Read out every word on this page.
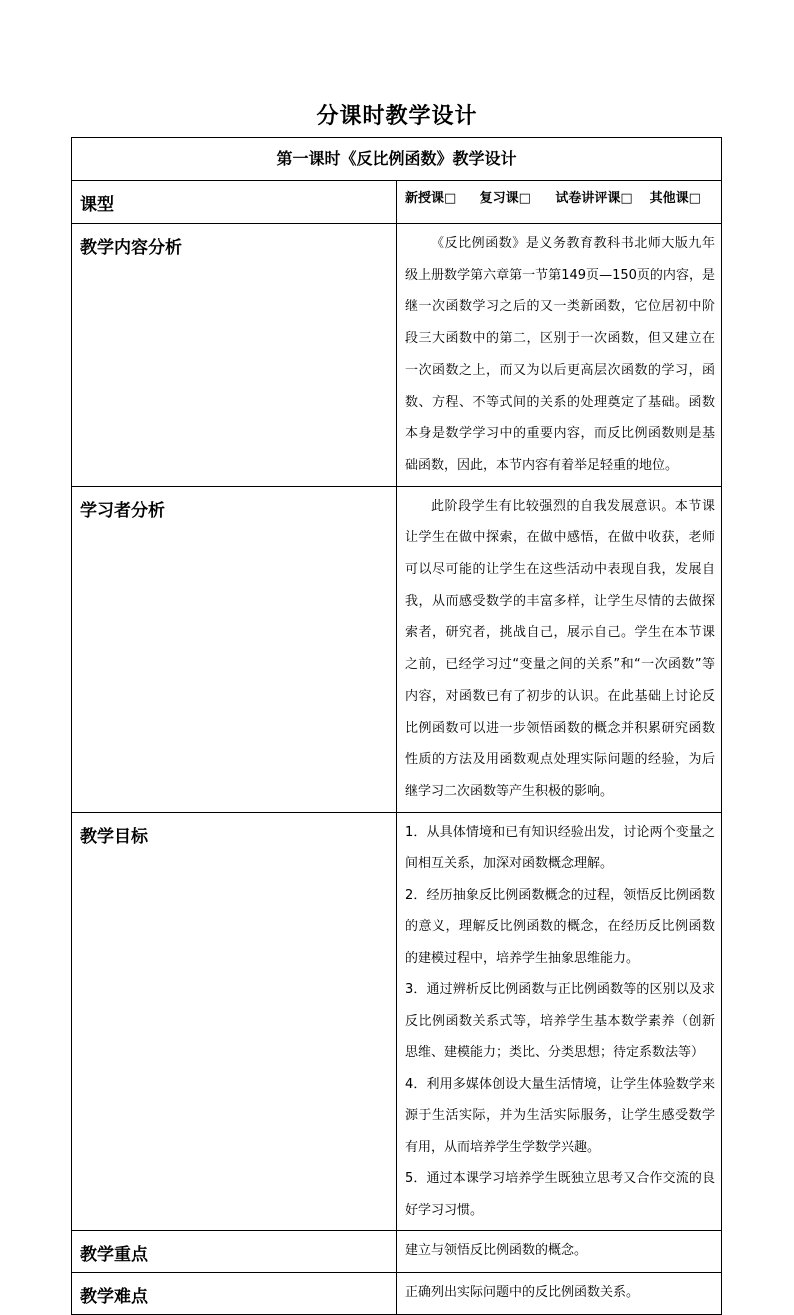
分课时教学设计
第一课时《反比例函数》教学设计	
课型	新授课□ 复习课□ 试卷讲评课□ 其他课□

教学内容分析	《反比例函数》是义务教育教科书北师大版九年级上册数学第六章第一节第149页—150页的内容，是继一次函数学习之后的又一类新函数，它位居初中阶段三大函数中的第二，区别于一次函数，但又建立在一次函数之上，而又为以后更高层次函数的学习，函数、方程、不等式间的关系的处理奠定了基础。函数本身是数学学习中的重要内容，而反比例函数则是基础函数，因此，本节内容有着举足轻重的地位。

学习者分析	此阶段学生有比较强烈的自我发展意识。本节课让学生在做中探索，在做中感悟，在做中收获，老师可以尽可能的让学生在这些活动中表现自我，发展自我，从而感受数学的丰富多样，让学生尽情的去做探索者，研究者，挑战自己，展示自己。学生在本节课之前，已经学习过“变量之间的关系”和“一次函数”等内容，对函数已有了初步的认识。在此基础上讨论反比例函数可以进一步领悟函数的概念并积累研究函数性质的方法及用函数观点处理实际问题的经验，为后继学习二次函数等产生积极的影响。

教学目标	1．从具体情境和已有知识经验出发，讨论两个变量之间相互关系，加深对函数概念理解。

2．经历抽象反比例函数概念的过程，领悟反比例函数的意义，理解反比例函数的概念，在经历反比例函数的建模过程中，培养学生抽象思维能力。

3．通过辨析反比例函数与正比例函数等的区别以及求反比例函数关系式等，培养学生基本数学素养（创新思维、建模能力；类比、分类思想；待定系数法等）

4．利用多媒体创设大量生活情境，让学生体验数学来源于生活实际，并为生活实际服务，让学生感受数学有用，从而培养学生学数学兴趣。

5．通过本课学习培养学生既独立思考又合作交流的良好学习习惯。

教学重点	建立与领悟反比例函数的概念。

教学难点	正确列出实际问题中的反比例函数关系。
